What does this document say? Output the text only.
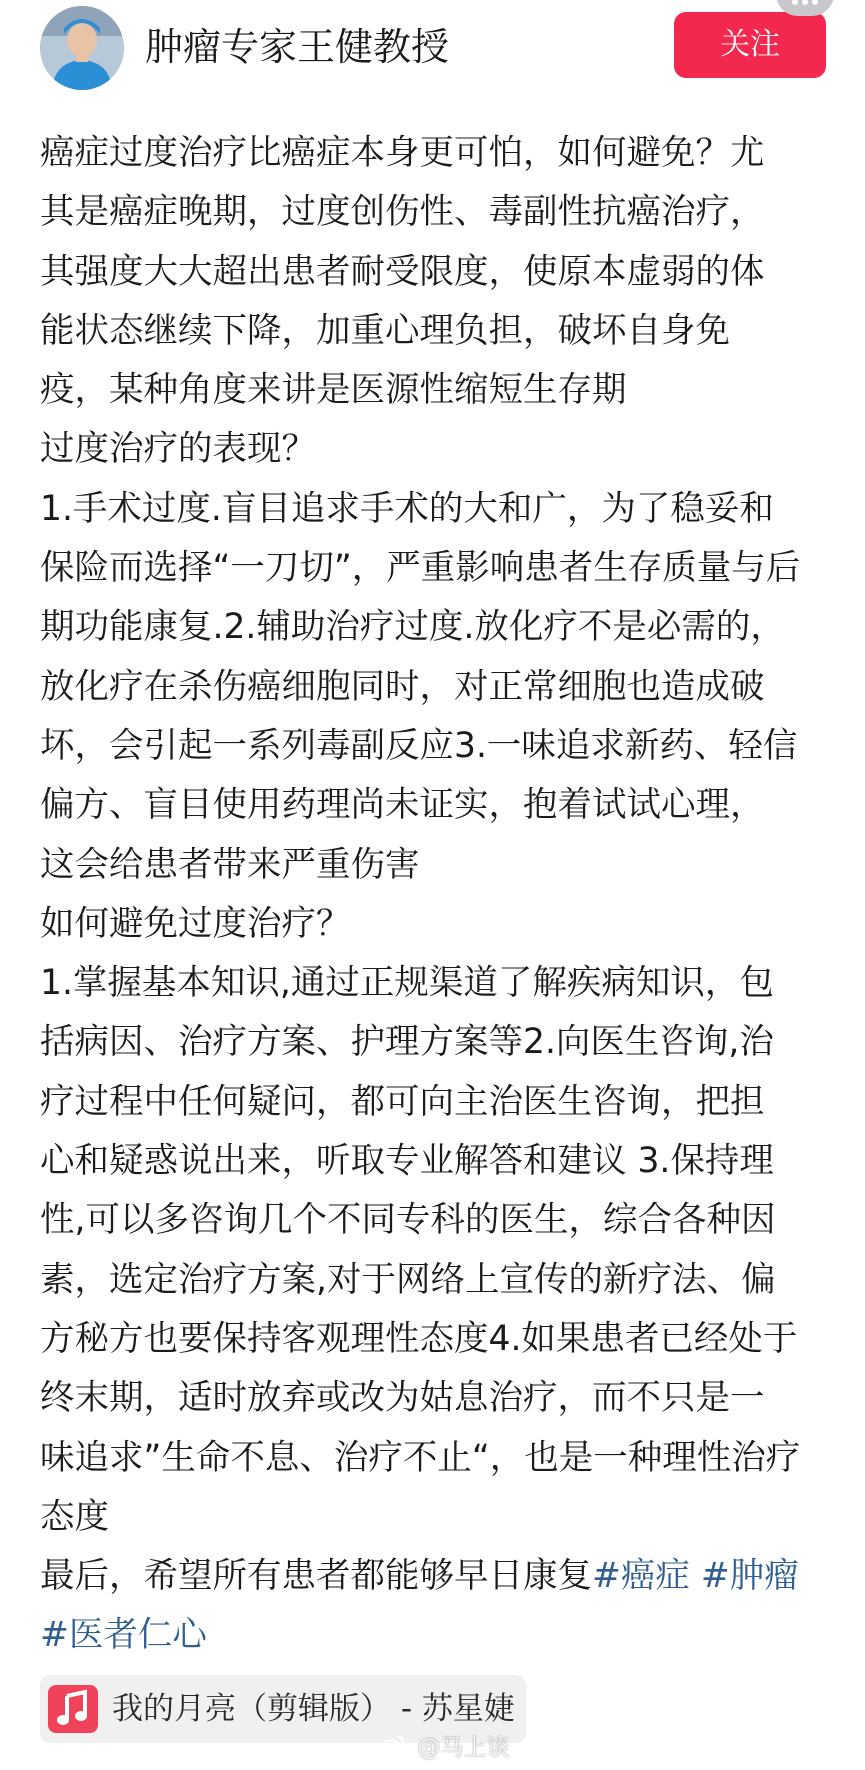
肿瘤专家王健教授	关注
癌症过度治疗比癌症本身更可怕，如何避免？尤
其是癌症晚期，过度创伤性、毒副性抗癌治疗，
其强度大大超出患者耐受限度，使原本虚弱的体
能状态继续下降，加重心理负担，破坏自身免
疫，某种角度来讲是医源性缩短生存期
过度治疗的表现？
1.手术过度.盲目追求手术的大和广，为了稳妥和
保险而选择“一刀切”，严重影响患者生存质量与后
期功能康复.2.辅助治疗过度.放化疗不是必需的，
放化疗在杀伤癌细胞同时，对正常细胞也造成破
坏，会引起一系列毒副反应3.一味追求新药、轻信
偏方、盲目使用药理尚未证实，抱着试试心理，
这会给患者带来严重伤害
如何避免过度治疗？
1.掌握基本知识,通过正规渠道了解疾病知识，包
括病因、治疗方案、护理方案等2.向医生咨询,治
疗过程中任何疑问，都可向主治医生咨询，把担
心和疑惑说出来，听取专业解答和建议 3.保持理
性,可以多咨询几个不同专科的医生，综合各种因
素，选定治疗方案,对于网络上宣传的新疗法、偏
方秘方也要保持客观理性态度4.如果患者已经处于
终末期，适时放弃或改为姑息治疗，而不只是一
味追求”生命不息、治疗不止“，也是一种理性治疗
态度
最后，希望所有患者都能够早日康复#癌症 #肿瘤
#医者仁心
我的月亮（剪辑版） - 苏星婕
@马上谈
